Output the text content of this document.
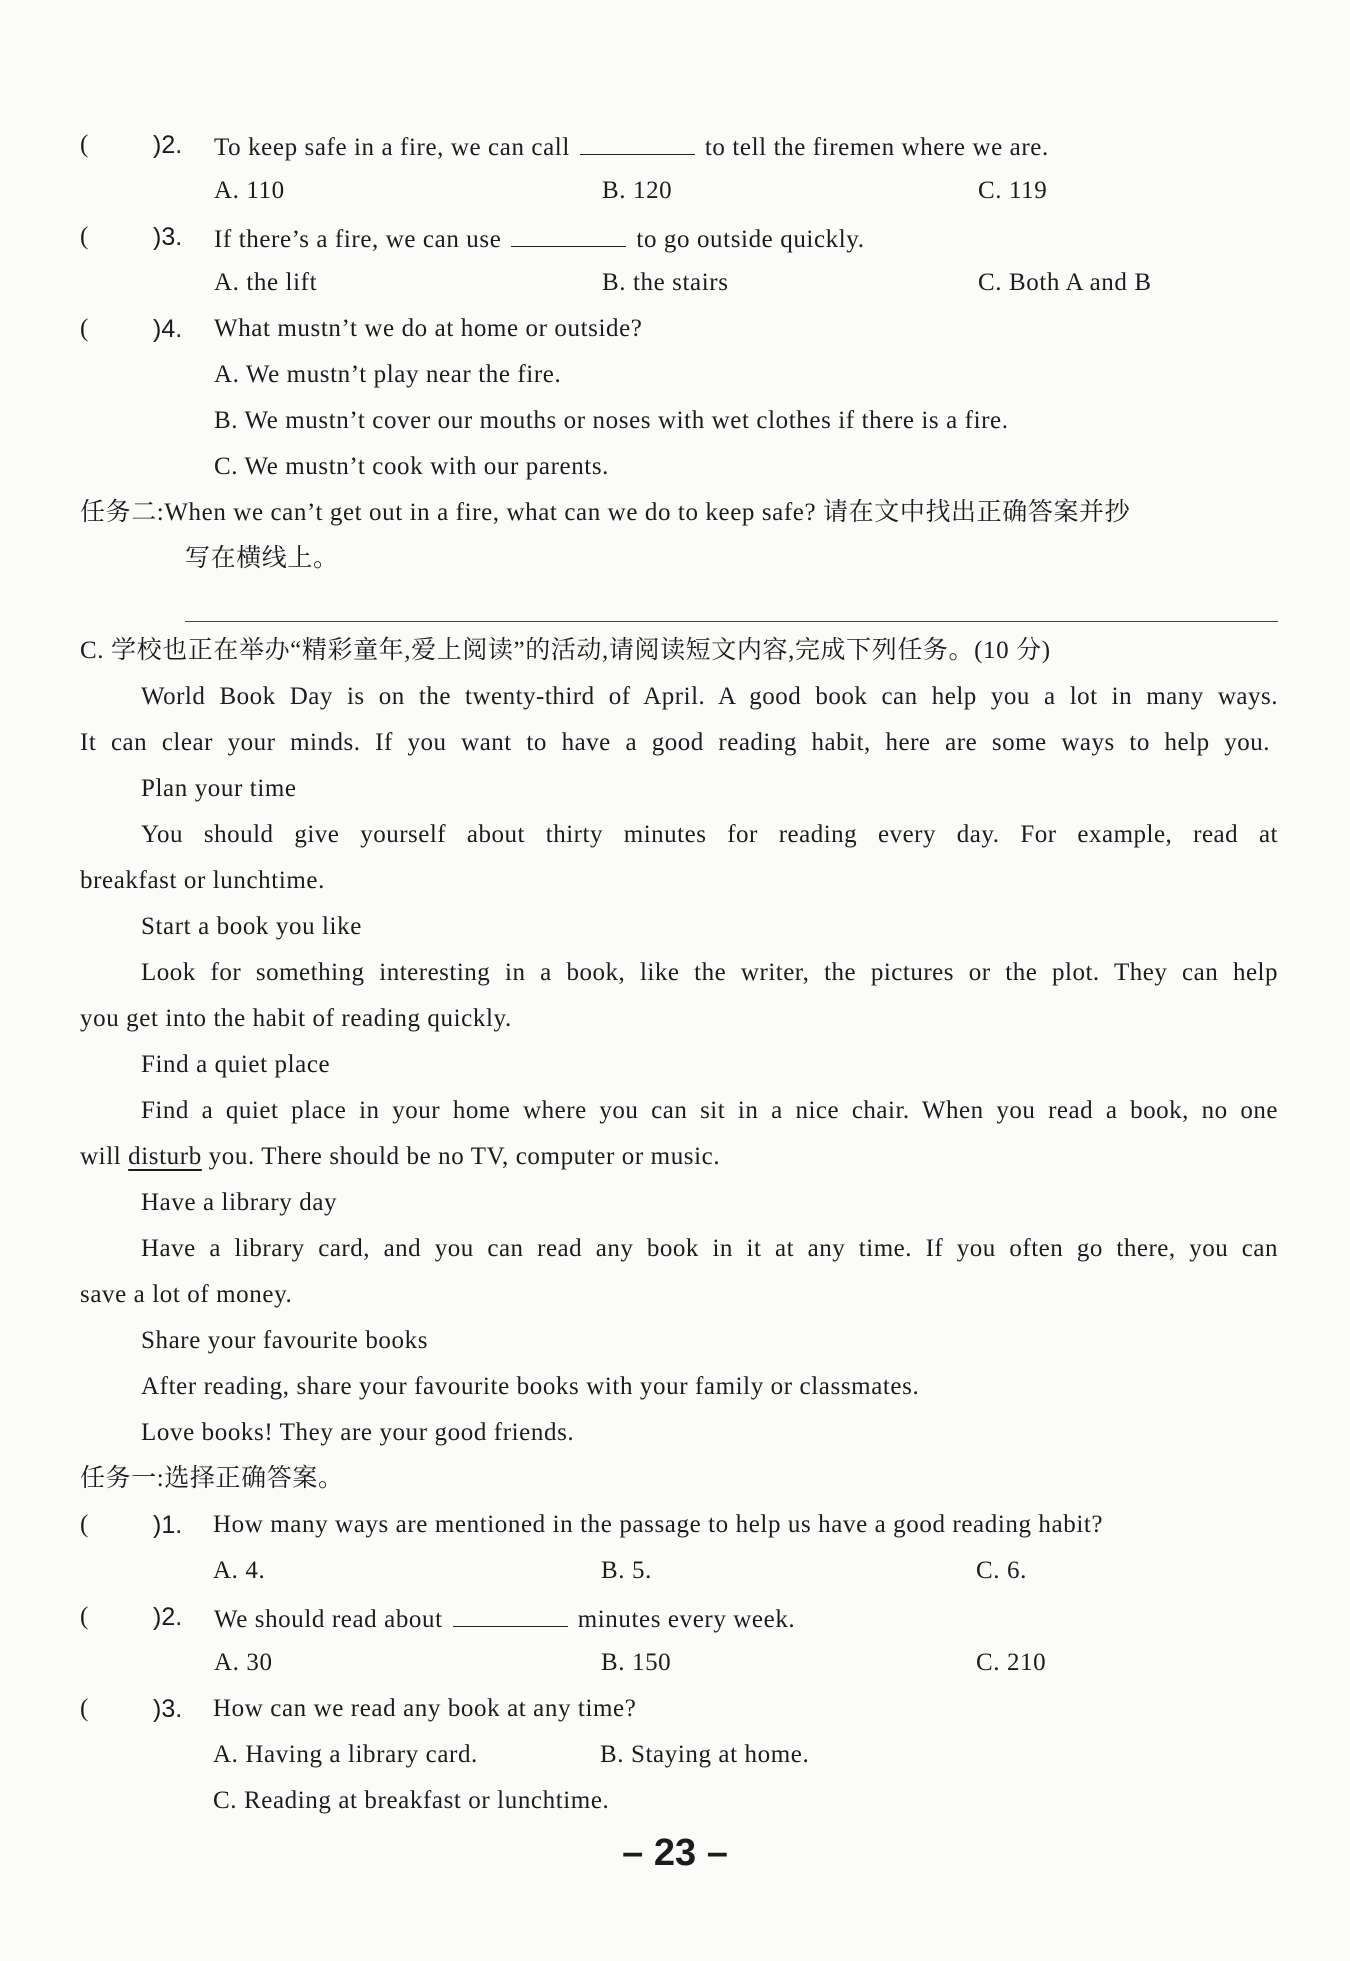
(	)2. To keep safe in a fire, we can call	to tell the firemen where we are.
A. 110	B. 120	C. 119
(	)3. If there’s a fire, we can use	to go outside quickly.
A. the lift	B. the stairs	C. Both A and B
(	)4. What mustn’t we do at home or outside?
A. We mustn’t play near the fire.
B. We mustn’t cover our mouths or noses with wet clothes if there is a fire.
C. We mustn’t cook with our parents.
任务二:When we can’t get out in a fire, what can we do to keep safe? 请在文中找出正确答案并抄
写在横线上。
C. 学校也正在举办“精彩童年,爱上阅读”的活动,请阅读短文内容,完成下列任务。(10 分)
World Book Day is on the twenty-third of April. A good book can help you a lot in many ways.
It can clear your minds. If you want to have a good reading habit, here are some ways to help you.
Plan your time
You should give yourself about thirty minutes for reading every day. For example, read at
breakfast or lunchtime.
Start a book you like
Look for something interesting in a book, like the writer, the pictures or the plot. They can help
you get into the habit of reading quickly.
Find a quiet place
Find a quiet place in your home where you can sit in a nice chair. When you read a book, no one
will disturb you. There should be no TV, computer or music.
Have a library day
Have a library card, and you can read any book in it at any time. If you often go there, you can
save a lot of money.
Share your favourite books
After reading, share your favourite books with your family or classmates.
Love books! They are your good friends.
任务一:选择正确答案。
(	)1. How many ways are mentioned in the passage to help us have a good reading habit?
A. 4.	B. 5.	C. 6.
(	)2. We should read about	minutes every week.
A. 30	B. 150	C. 210
(	)3. How can we read any book at any time?
A. Having a library card.	B. Staying at home.
C. Reading at breakfast or lunchtime.
– 23 –
